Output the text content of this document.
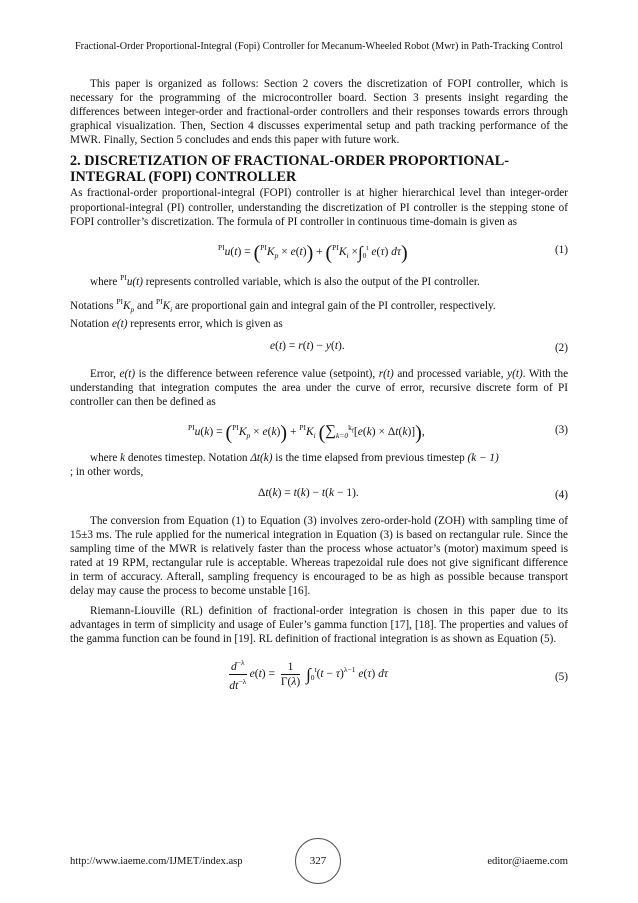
Fractional-Order Proportional-Integral (Fopi) Controller for Mecanum-Wheeled Robot (Mwr) in Path-Tracking Control

This paper is organized as follows: Section 2 covers the discretization of FOPI controller, which is necessary for the programming of the microcontroller board. Section 3 presents insight regarding the differences between integer-order and fractional-order controllers and their responses towards errors through graphical visualization. Then, Section 4 discusses experimental setup and path tracking performance of the MWR. Finally, Section 5 concludes and ends this paper with future work.

2. DISCRETIZATION OF FRACTIONAL-ORDER PROPORTIONAL-INTEGRAL (FOPI) CONTROLLER

As fractional-order proportional-integral (FOPI) controller is at higher hierarchical level than integer-order proportional-integral (PI) controller, understanding the discretization of PI controller is the stepping stone of FOPI controller’s discretization. The formula of PI controller in continuous time-domain is given as

$^{PI}u(t) = (^{PI}K_p \times e(t)) + (^{PI}K_i \times\int_0^t$ e(τ) dτ)	(1)

where $^{PI}$u(t) represents controlled variable, which is also the output of the PI controller.

Notations $^{PI}K_p$ and $^{PI}K_i$ are proportional gain and integral gain of the PI controller, respectively.
Notation e(t) represents error, which is given as

e(t) = r(t) − y(t).	(2)

Error, e(t) is the difference between reference value (setpoint), r(t) and processed variable, y(t). With the understanding that integration computes the area under the curve of error, recursive discrete form of PI controller can then be defined as

$^{PI}u(k) = (^{PI}K_p \times e(k)) + ^{PI}K_i$ $(\sum_{k=0}^{k_f}[e(k) \times \Delta t(k)])$,	(3)

where k denotes timestep. Notation Δt(k) is the time elapsed from previous timestep (k − 1)
; in other words,

Δt(k) = t(k) − t(k − 1).	(4)

The conversion from Equation (1) to Equation (3) involves zero-order-hold (ZOH) with sampling time of 15±3 ms. The rule applied for the numerical integration in Equation (3) is based on rectangular rule. Since the sampling time of the MWR is relatively faster than the process whose actuator’s (motor) maximum speed is rated at 19 RPM, rectangular rule is acceptable. Whereas trapezoidal rule does not give significant difference in term of accuracy. Afterall, sampling frequency is encouraged to be as high as possible because transport delay may cause the process to become unstable [16].

Riemann-Liouville (RL) definition of fractional-order integration is chosen in this paper due to its advantages in term of simplicity and usage of Euler’s gamma function [17], [18]. The properties and values of the gamma function can be found in [19]. RL definition of fractional integration is as shown as Equation (5).

$\frac{d^{-\lambda}}{dt^{-\lambda}} e(t) = \frac{1}{\Gamma(\lambda)} \int_0^t(t - \tau)^{\lambda-1}$ e(τ) dτ	(5)
http://www.iaeme.com/IJMET/index.asp	327	editor@iaeme.com
